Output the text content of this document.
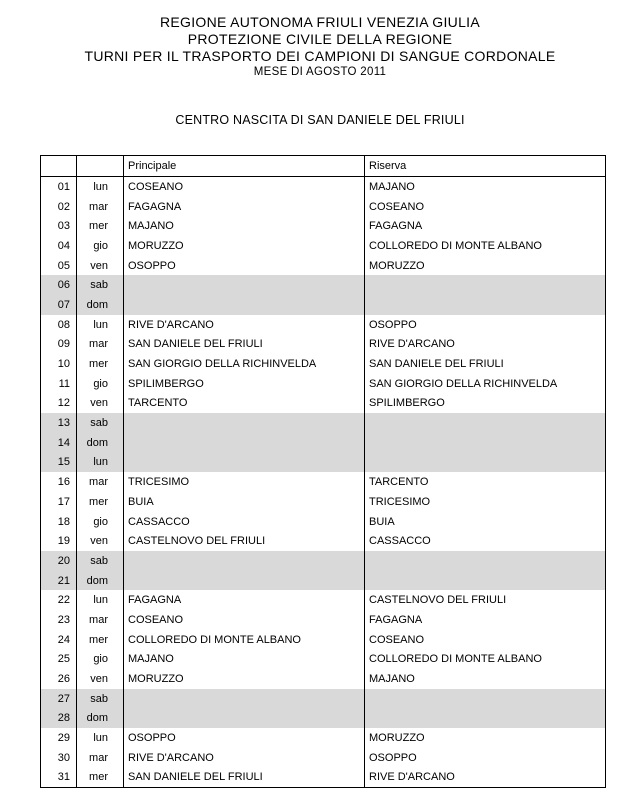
REGIONE AUTONOMA FRIULI VENEZIA GIULIA
PROTEZIONE CIVILE DELLA REGIONE
TURNI PER IL TRASPORTO DEI CAMPIONI DI SANGUE CORDONALE
MESE DI AGOSTO 2011
CENTRO NASCITA DI SAN DANIELE DEL FRIULI
		Principale	Riserva
01	lun	COSEANO	MAJANO
02	mar	FAGAGNA	COSEANO
03	mer	MAJANO	FAGAGNA
04	gio	MORUZZO	COLLOREDO DI MONTE ALBANO
05	ven	OSOPPO	MORUZZO
06	sab		
07	dom		
08	lun	RIVE D'ARCANO	OSOPPO
09	mar	SAN DANIELE DEL FRIULI	RIVE D'ARCANO
10	mer	SAN GIORGIO DELLA RICHINVELDA	SAN DANIELE DEL FRIULI
11	gio	SPILIMBERGO	SAN GIORGIO DELLA RICHINVELDA
12	ven	TARCENTO	SPILIMBERGO
13	sab		
14	dom		
15	lun		
16	mar	TRICESIMO	TARCENTO
17	mer	BUIA	TRICESIMO
18	gio	CASSACCO	BUIA
19	ven	CASTELNOVO DEL FRIULI	CASSACCO
20	sab		
21	dom		
22	lun	FAGAGNA	CASTELNOVO DEL FRIULI
23	mar	COSEANO	FAGAGNA
24	mer	COLLOREDO DI MONTE ALBANO	COSEANO
25	gio	MAJANO	COLLOREDO DI MONTE ALBANO
26	ven	MORUZZO	MAJANO
27	sab		
28	dom		
29	lun	OSOPPO	MORUZZO
30	mar	RIVE D'ARCANO	OSOPPO
31	mer	SAN DANIELE DEL FRIULI	RIVE D'ARCANO
